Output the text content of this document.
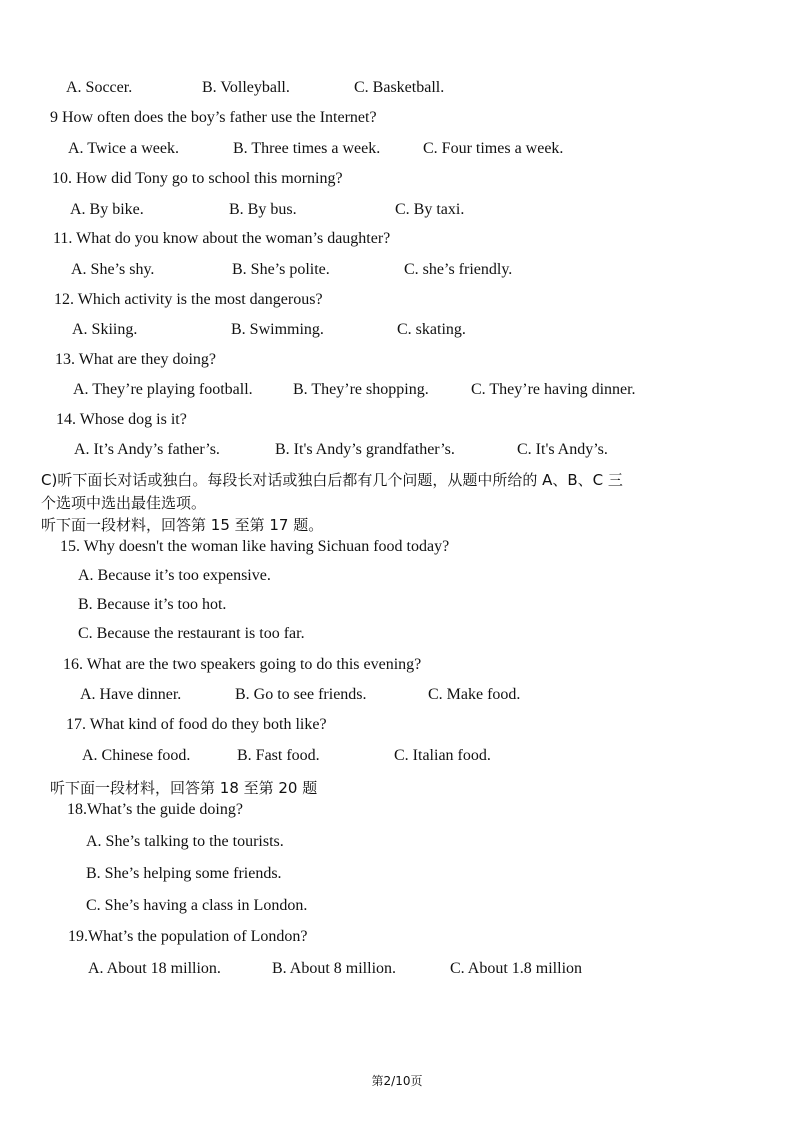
A. Soccer.	B. Volleyball.	C. Basketball.
9 How often does the boy’s father use the Internet?
A. Twice a week.	B. Three times a week.	C. Four times a week.
10. How did Tony go to school this morning?
A. By bike.	B. By bus.	C. By taxi.
11. What do you know about the woman’s daughter?
A. She’s shy.	B. She’s polite.	C. she’s friendly.
12. Which activity is the most dangerous?
A. Skiing.	B. Swimming.	C. skating.
13. What are they doing?
A. They’re playing football.	B. They’re shopping.	C. They’re having dinner.
14. Whose dog is it?
A. It’s Andy’s father’s.	B. It's Andy’s grandfather’s.	C. It's Andy’s.
C)听下面长对话或独白。每段长对话或独白后都有几个问题，从题中所给的 A、B、C 三
个选项中选出最佳选项。
听下面一段材料，回答第 15 至第 17 题。
15. Why doesn't the woman like having Sichuan food today?
A. Because it’s too expensive.
B. Because it’s too hot.
C. Because the restaurant is too far.
16. What are the two speakers going to do this evening?
A. Have dinner.	B. Go to see friends.	C. Make food.
17. What kind of food do they both like?
A. Chinese food.	B. Fast food.	C. Italian food.
听下面一段材料，回答第 18 至第 20 题
18.What’s the guide doing?
A. She’s talking to the tourists.
B. She’s helping some friends.
C. She’s having a class in London.
19.What’s the population of London?
A. About 18 million.	B. About 8 million.	C. About 1.8 million
第2/10页
